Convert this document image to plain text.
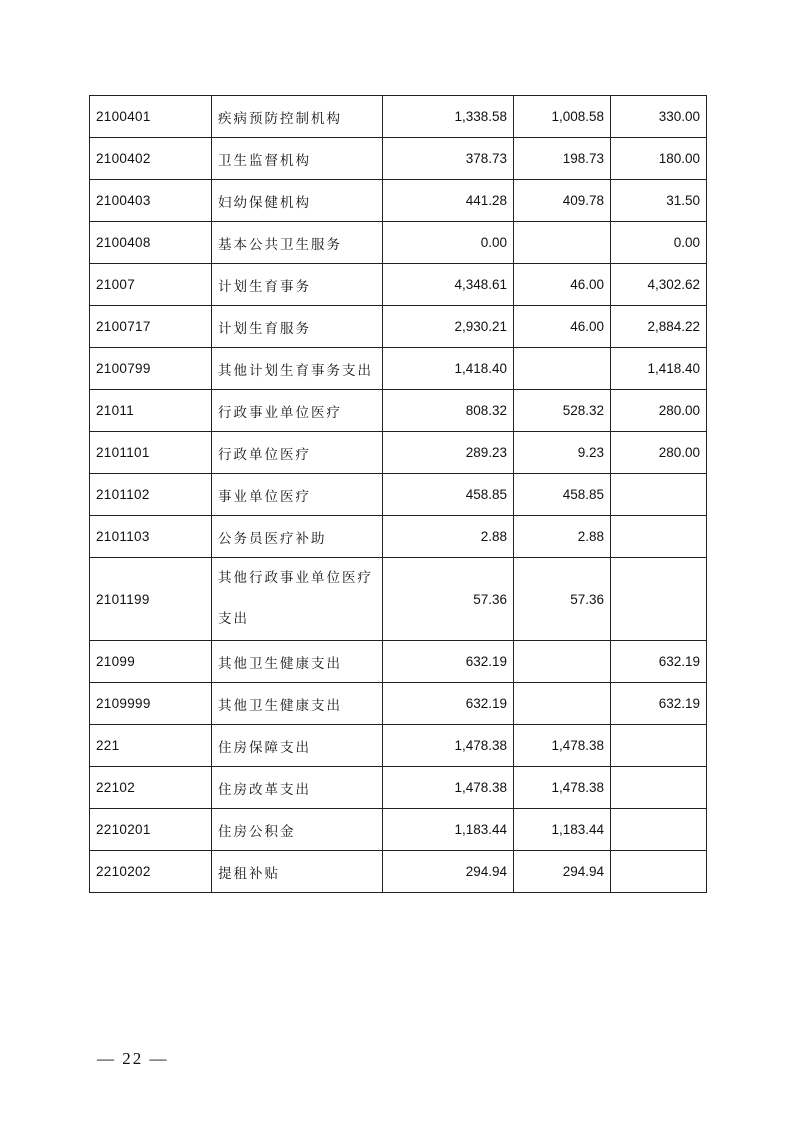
2100401	疾病预防控制机构	1,338.58	1,008.58	330.00
2100402	卫生监督机构	378.73	198.73	180.00
2100403	妇幼保健机构	441.28	409.78	31.50
2100408	基本公共卫生服务	0.00		0.00
21007	计划生育事务	4,348.61	46.00	4,302.62
2100717	计划生育服务	2,930.21	46.00	2,884.22
2100799	其他计划生育事务支出	1,418.40		1,418.40
21011	行政事业单位医疗	808.32	528.32	280.00
2101101	行政单位医疗	289.23	9.23	280.00
2101102	事业单位医疗	458.85	458.85	
2101103	公务员医疗补助	2.88	2.88	
2101199	其他行政事业单位医疗支出	57.36	57.36	
21099	其他卫生健康支出	632.19		632.19
2109999	其他卫生健康支出	632.19		632.19
221	住房保障支出	1,478.38	1,478.38	
22102	住房改革支出	1,478.38	1,478.38	
2210201	住房公积金	1,183.44	1,183.44	
2210202	提租补贴	294.94	294.94	
— 22 —
